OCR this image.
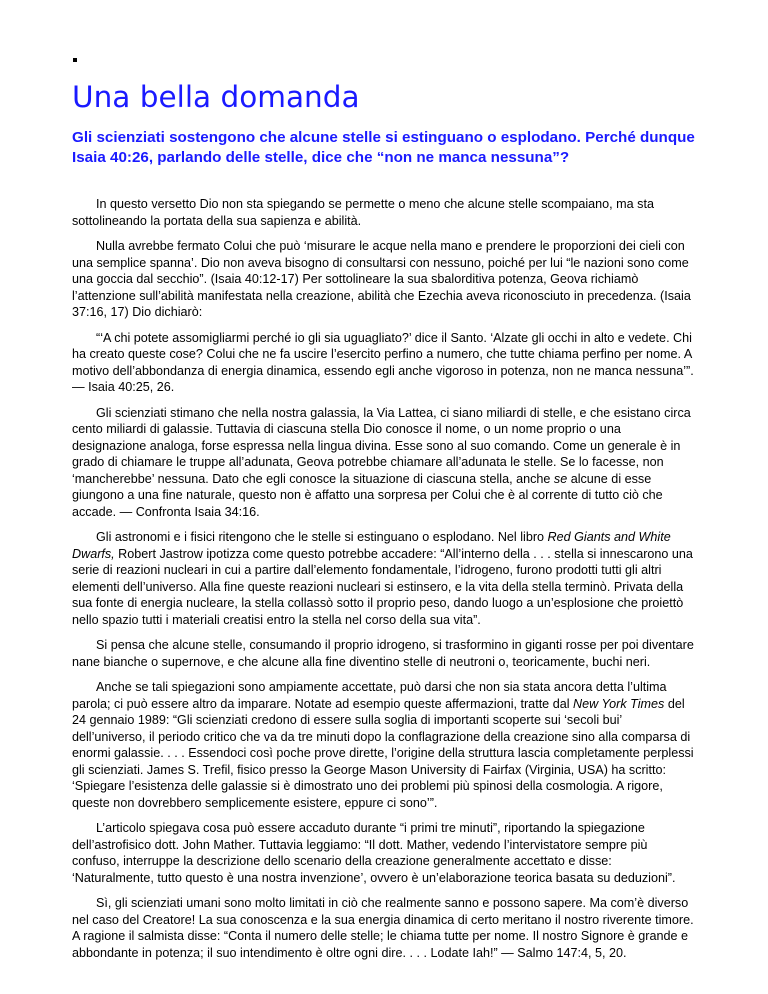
Una bella domanda

Gli scienziati sostengono che alcune stelle si estinguano o esplodano. Perché dunque Isaia 40:26, parlando delle stelle, dice che “non ne manca nessuna”?

In questo versetto Dio non sta spiegando se permette o meno che alcune stelle scompaiano, ma sta sottolineando la portata della sua sapienza e abilità.

Nulla avrebbe fermato Colui che può ‘misurare le acque nella mano e prendere le proporzioni dei cieli con una semplice spanna’. Dio non aveva bisogno di consultarsi con nessuno, poiché per lui “le nazioni sono come una goccia dal secchio”. (Isaia 40:12-17) Per sottolineare la sua sbalorditiva potenza, Geova richiamò l’attenzione sull’abilità manifestata nella creazione, abilità che Ezechia aveva riconosciuto in precedenza. (Isaia 37:16, 17) Dio dichiarò:

“‘A chi potete assomigliarmi perché io gli sia uguagliato?’ dice il Santo. ‘Alzate gli occhi in alto e vedete. Chi ha creato queste cose? Colui che ne fa uscire l’esercito perfino a numero, che tutte chiama perfino per nome. A motivo dell’abbondanza di energia dinamica, essendo egli anche vigoroso in potenza, non ne manca nessuna’”. — Isaia 40:25, 26.

Gli scienziati stimano che nella nostra galassia, la Via Lattea, ci siano miliardi di stelle, e che esistano circa cento miliardi di galassie. Tuttavia di ciascuna stella Dio conosce il nome, o un nome proprio o una designazione analoga, forse espressa nella lingua divina. Esse sono al suo comando. Come un generale è in grado di chiamare le truppe all’adunata, Geova potrebbe chiamare all’adunata le stelle. Se lo facesse, non ‘mancherebbe’ nessuna. Dato che egli conosce la situazione di ciascuna stella, anche se alcune di esse giungono a una fine naturale, questo non è affatto una sorpresa per Colui che è al corrente di tutto ciò che accade. — Confronta Isaia 34:16.

Gli astronomi e i fisici ritengono che le stelle si estinguano o esplodano. Nel libro Red Giants and White Dwarfs, Robert Jastrow ipotizza come questo potrebbe accadere: “All’interno della . . . stella si innescarono una serie di reazioni nucleari in cui a partire dall’elemento fondamentale, l’idrogeno, furono prodotti tutti gli altri elementi dell’universo. Alla fine queste reazioni nucleari si estinsero, e la vita della stella terminò. Privata della sua fonte di energia nucleare, la stella collassò sotto il proprio peso, dando luogo a un’esplosione che proiettò nello spazio tutti i materiali creatisi entro la stella nel corso della sua vita”.

Si pensa che alcune stelle, consumando il proprio idrogeno, si trasformino in giganti rosse per poi diventare nane bianche o supernove, e che alcune alla fine diventino stelle di neutroni o, teoricamente, buchi neri.

Anche se tali spiegazioni sono ampiamente accettate, può darsi che non sia stata ancora detta l’ultima parola; ci può essere altro da imparare. Notate ad esempio queste affermazioni, tratte dal New York Times del 24 gennaio 1989: “Gli scienziati credono di essere sulla soglia di importanti scoperte sui ‘secoli bui’ dell’universo, il periodo critico che va da tre minuti dopo la conflagrazione della creazione sino alla comparsa di enormi galassie. . . . Essendoci così poche prove dirette, l’origine della struttura lascia completamente perplessi gli scienziati. James S. Trefil, fisico presso la George Mason University di Fairfax (Virginia, USA) ha scritto: ‘Spiegare l’esistenza delle galassie si è dimostrato uno dei problemi più spinosi della cosmologia. A rigore, queste non dovrebbero semplicemente esistere, eppure ci sono’”.

L’articolo spiegava cosa può essere accaduto durante “i primi tre minuti”, riportando la spiegazione dell’astrofisico dott. John Mather. Tuttavia leggiamo: “Il dott. Mather, vedendo l’intervistatore sempre più confuso, interruppe la descrizione dello scenario della creazione generalmente accettato e disse: ‘Naturalmente, tutto questo è una nostra invenzione’, ovvero è un’elaborazione teorica basata su deduzioni”.

Sì, gli scienziati umani sono molto limitati in ciò che realmente sanno e possono sapere. Ma com’è diverso nel caso del Creatore! La sua conoscenza e la sua energia dinamica di certo meritano il nostro riverente timore. A ragione il salmista disse: “Conta il numero delle stelle; le chiama tutte per nome. Il nostro Signore è grande e abbondante in potenza; il suo intendimento è oltre ogni dire. . . . Lodate Iah!” — Salmo 147:4, 5, 20.
